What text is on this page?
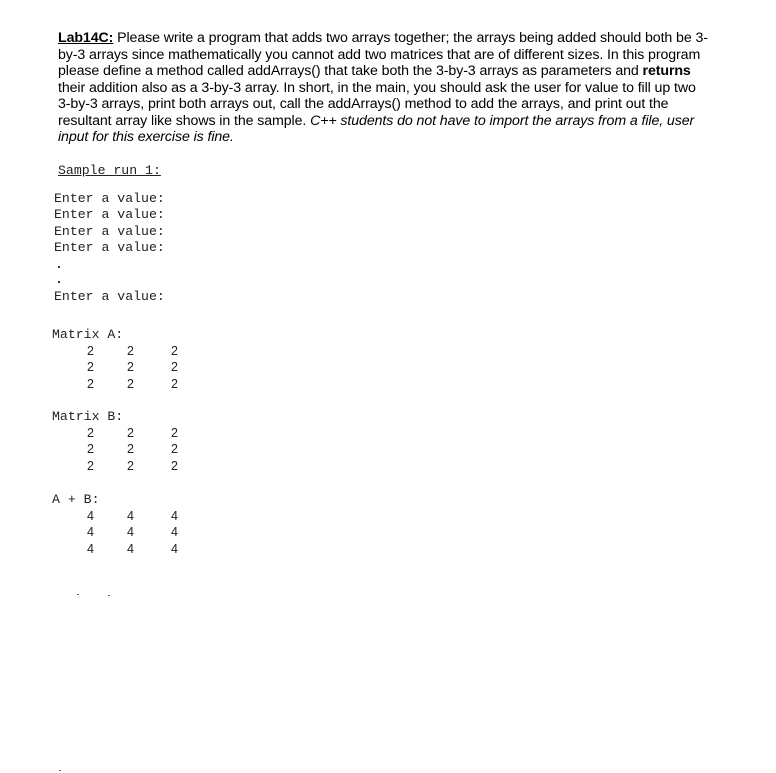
Lab14C: Please write a program that adds two arrays together; the arrays being added should both be 3-by-3 arrays since mathematically you cannot add two matrices that are of different sizes. In this program please define a method called addArrays() that take both the 3-by-3 arrays as parameters and returns their addition also as a 3-by-3 array. In short, in the main, you should ask the user for value to fill up two 3-by-3 arrays, print both arrays out, call the addArrays() method to add the arrays, and print out the resultant array like shows in the sample. C++ students do not have to import the arrays from a file, user input for this exercise is fine.
Sample run 1:
Enter a value:
Enter a value:
Enter a value:
Enter a value:
Enter a value:
Matrix A:
2	2	2
2	2	2
2	2	2
Matrix B:
2	2	2
2	2	2
2	2	2
A + B:
4	4	4
4	4	4
4	4	4
